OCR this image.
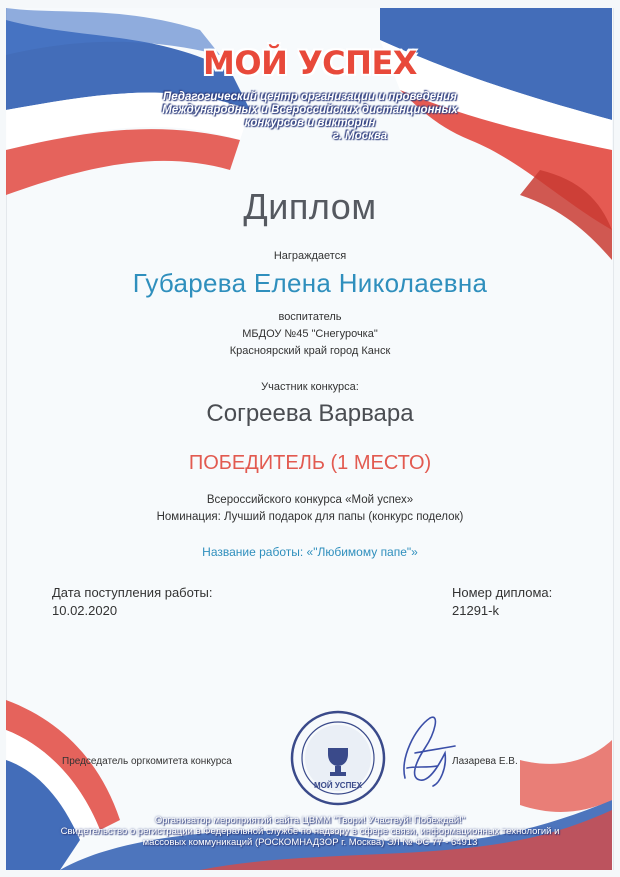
МОЙ УСПЕХ
Педагогический центр организации и проведения
Международных и Всероссийских дистанционных
конкурсов и викторин
г. Москва
Диплом
Награждается
Губарева Елена Николаевна
воспитатель
МБДОУ №45 "Снегурочка"
Красноярский край город Канск
Участник конкурса:
Согреева Варвара
ПОБЕДИТЕЛЬ (1 МЕСТО)
Всероссийского конкурса «Мой успех»
Номинация: Лучший подарок для папы (конкурс поделок)
Название работы: «"Любимому папе"»
Дата поступления работы:
10.02.2020
Номер диплома:
21291-k
Председатель оргкомитета конкурса
МОЙ УСПЕХ
Лазарева Е.В.
Организатор мероприятий сайта ЦВММ "Твори! Участвуй! Побеждай!"
Свидетельство о регистрации в Федеральной службе по надзору в сфере связи, информационных технологий и
массовых коммуникаций (РОСКОМНАДЗОР г. Москва) ЭЛ № ФС 77 - 64913
